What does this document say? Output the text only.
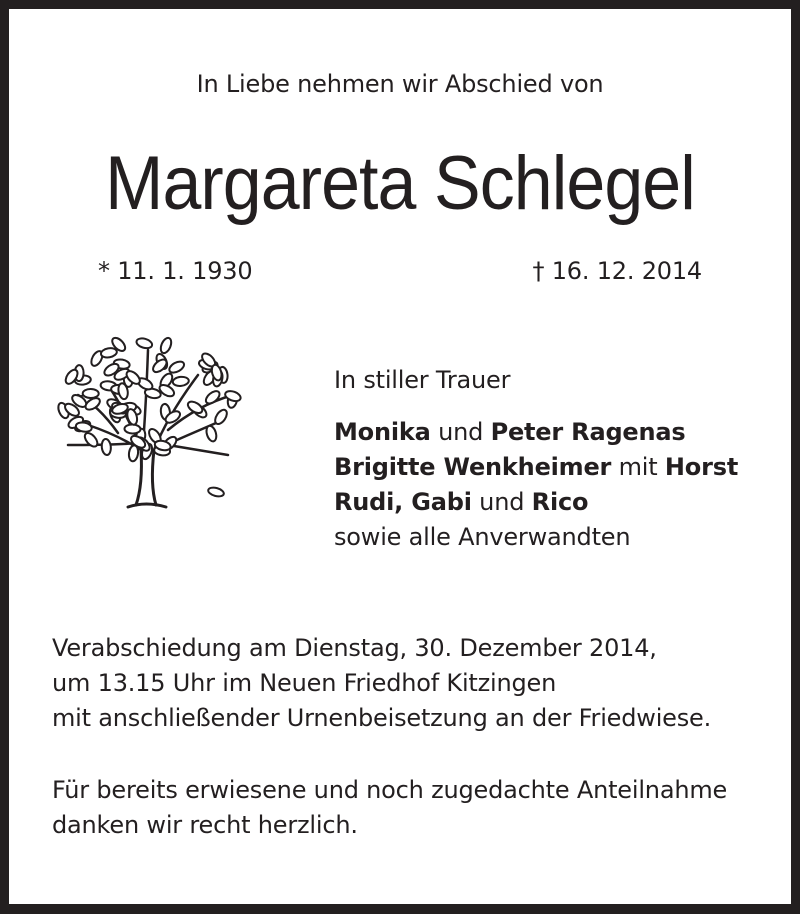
In Liebe nehmen wir Abschied von
Margareta Schlegel
* 11. 1. 1930	† 16. 12. 2014
In stiller Trauer
Monika und Peter Ragenas
Brigitte Wenkheimer mit Horst
Rudi, Gabi und Rico
sowie alle Anverwandten
Verabschiedung am Dienstag, 30. Dezember 2014,
um 13.15 Uhr im Neuen Friedhof Kitzingen
mit anschließender Urnenbeisetzung an der Friedwiese.
Für bereits erwiesene und noch zugedachte Anteilnahme
danken wir recht herzlich.
